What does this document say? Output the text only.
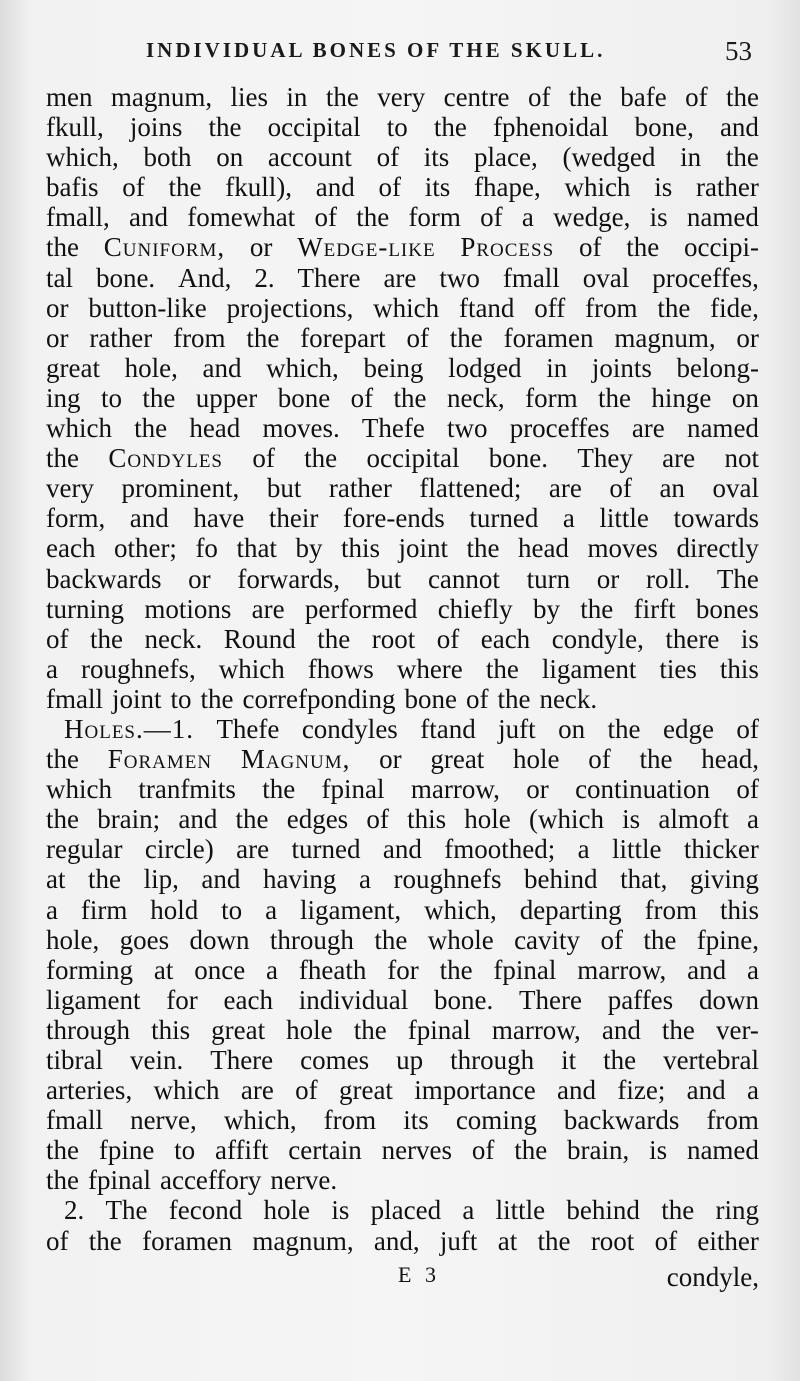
INDIVIDUAL BONES OF THE SKULL.	53
men magnum, lies in the very centre of the bafe of the
fkull, joins the occipital to the fphenoidal bone, and
which, both on account of its place, (wedged in the
bafis of the fkull), and of its fhape, which is rather
fmall, and fomewhat of the form of a wedge, is named
the Cuniform, or Wedge-like Process of the occipi-
tal bone. And, 2. There are two fmall oval proceffes,
or button-like projections, which ftand off from the fide,
or rather from the forepart of the foramen magnum, or
great hole, and which, being lodged in joints belong-
ing to the upper bone of the neck, form the hinge on
which the head moves. Thefe two proceffes are named
the Condyles of the occipital bone. They are not
very prominent, but rather flattened; are of an oval
form, and have their fore-ends turned a little towards
each other; fo that by this joint the head moves directly
backwards or forwards, but cannot turn or roll. The
turning motions are performed chiefly by the firft bones
of the neck. Round the root of each condyle, there is
a roughnefs, which fhows where the ligament ties this
fmall joint to the correfponding bone of the neck.
Holes.—1. Thefe condyles ftand juft on the edge of
the Foramen Magnum, or great hole of the head,
which tranfmits the fpinal marrow, or continuation of
the brain; and the edges of this hole (which is almoft a
regular circle) are turned and fmoothed; a little thicker
at the lip, and having a roughnefs behind that, giving
a firm hold to a ligament, which, departing from this
hole, goes down through the whole cavity of the fpine,
forming at once a fheath for the fpinal marrow, and a
ligament for each individual bone. There paffes down
through this great hole the fpinal marrow, and the ver-
tibral vein. There comes up through it the vertebral
arteries, which are of great importance and fize; and a
fmall nerve, which, from its coming backwards from
the fpine to affift certain nerves of the brain, is named
the fpinal acceffory nerve.
2. The fecond hole is placed a little behind the ring
of the foramen magnum, and, juft at the root of either
E 3	condyle,
